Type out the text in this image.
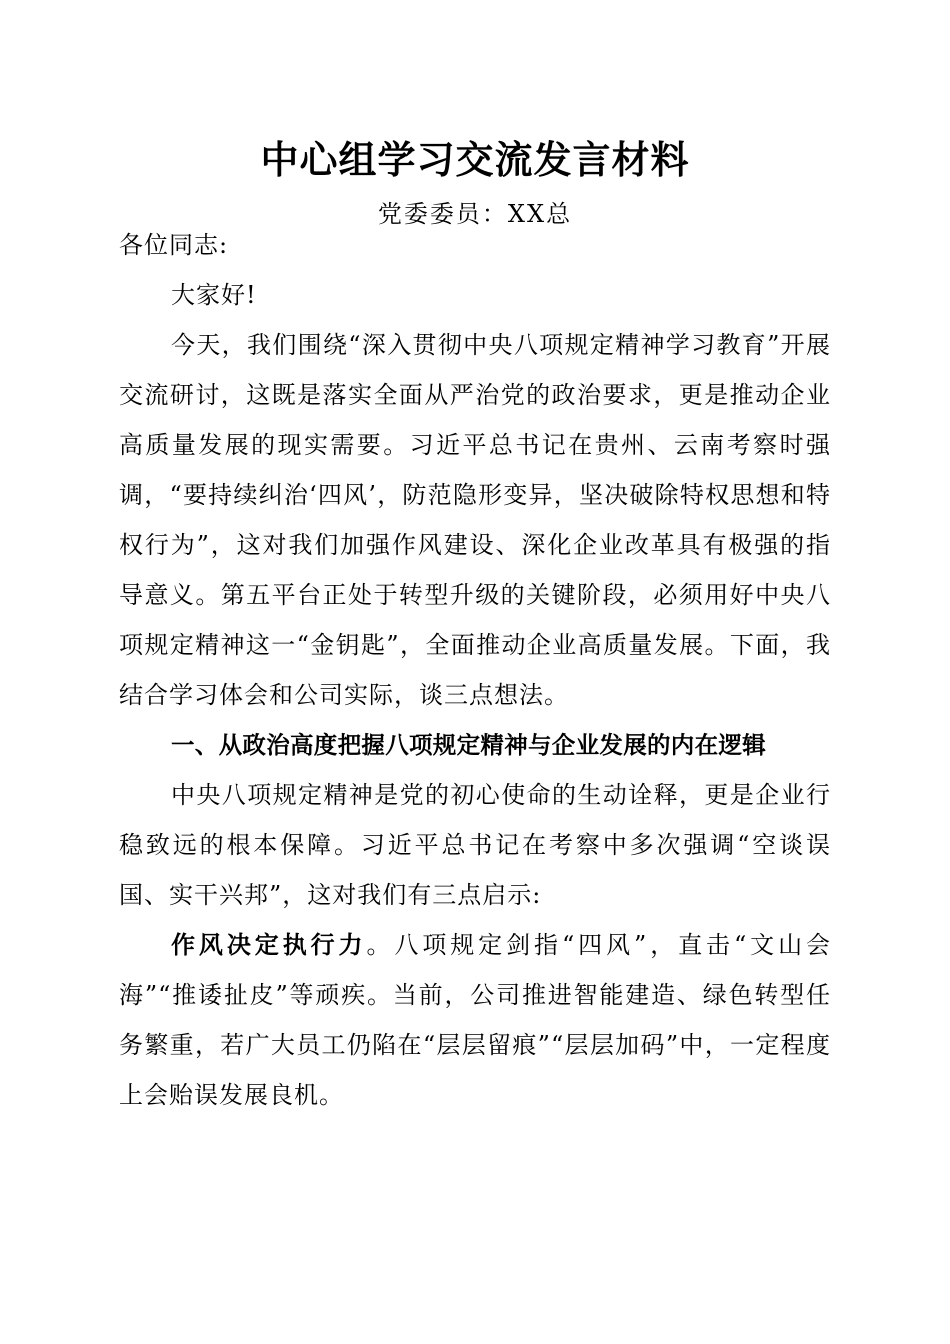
中心组学习交流发言材料
党委委员：XX总

各位同志:

大家好!

今天，我们围绕“深入贯彻中央八项规定精神学习教育”开展交流研讨，这既是落实全面从严治党的政治要求，更是推动企业高质量发展的现实需要。习近平总书记在贵州、云南考察时强调，“要持续纠治‘四风’，防范隐形变异，坚决破除特权思想和特权行为”，这对我们加强作风建设、深化企业改革具有极强的指导意义。第五平台正处于转型升级的关键阶段，必须用好中央八项规定精神这一“金钥匙”，全面推动企业高质量发展。下面，我结合学习体会和公司实际，谈三点想法。

一、从政治高度把握八项规定精神与企业发展的内在逻辑

中央八项规定精神是党的初心使命的生动诠释，更是企业行稳致远的根本保障。习近平总书记在考察中多次强调“空谈误国、实干兴邦”，这对我们有三点启示:

作风决定执行力。八项规定剑指“四风”，直击“文山会海”“推诿扯皮”等顽疾。当前，公司推进智能建造、绿色转型任务繁重，若广大员工仍陷在“层层留痕”“层层加码”中，一定程度上会贻误发展良机。
